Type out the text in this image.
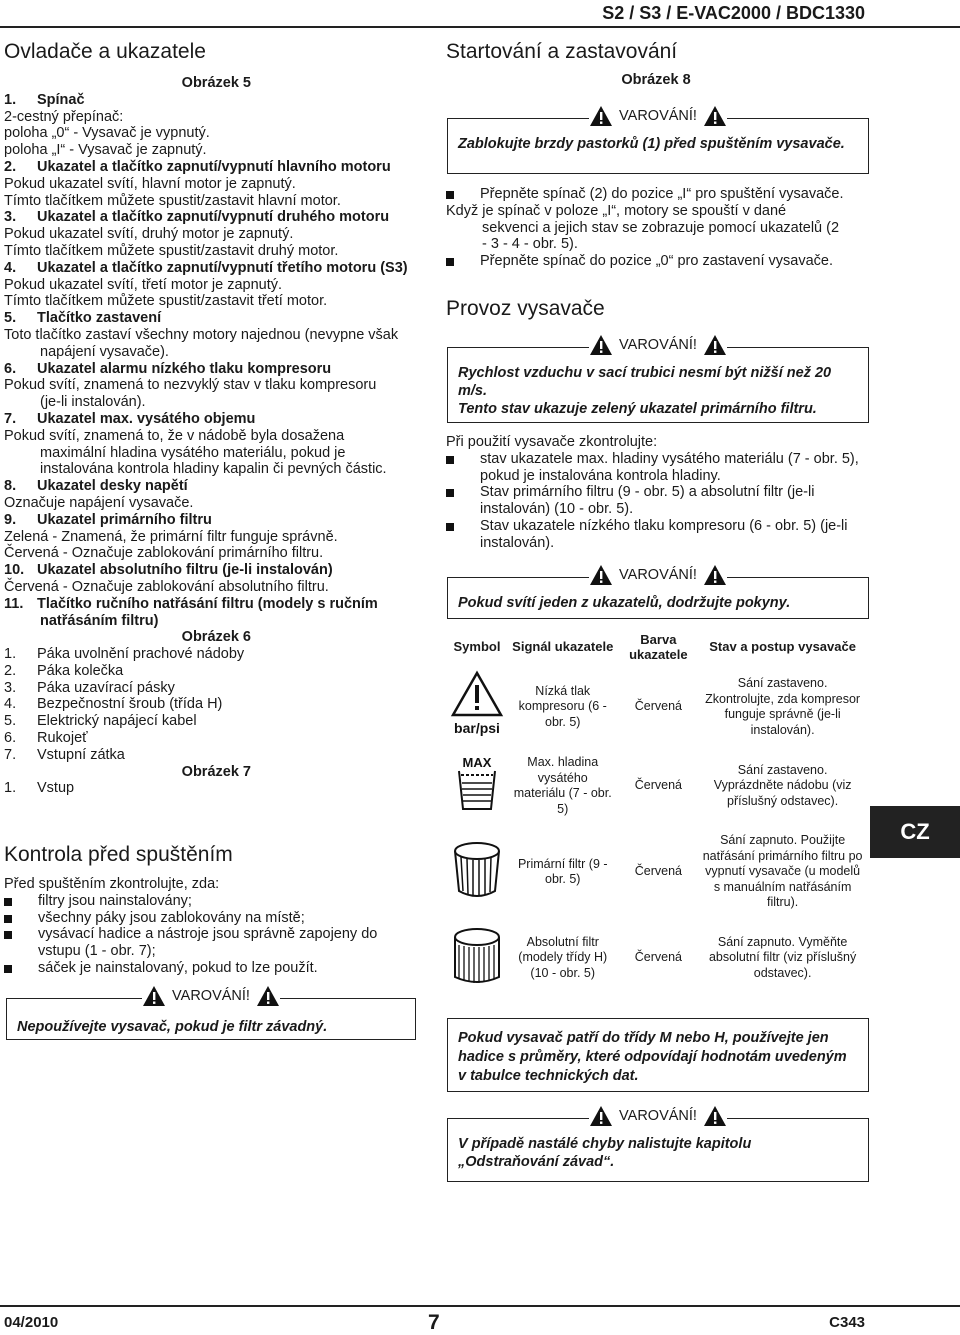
S2 / S3 / E-VAC2000 / BDC1330
Ovladače a ukazatele

Obrázek 5

1. Spínač

2-cestný přepínač:

poloha „0“ - Vysavač je vypnutý.

poloha „I“ - Vysavač je zapnutý.

2. Ukazatel a tlačítko zapnutí/vypnutí hlavního motoru

Pokud ukazatel svítí, hlavní motor je zapnutý.

Tímto tlačítkem můžete spustit/zastavit hlavní motor.

3. Ukazatel a tlačítko zapnutí/vypnutí druhého motoru

Pokud ukazatel svítí, druhý motor je zapnutý.

Tímto tlačítkem můžete spustit/zastavit druhý motor.

4. Ukazatel a tlačítko zapnutí/vypnutí třetího motoru (S3)

Pokud ukazatel svítí, třetí motor je zapnutý.

Tímto tlačítkem můžete spustit/zastavit třetí motor.

5. Tlačítko zastavení

Toto tlačítko zastaví všechny motory najednou (nevypne však

napájení vysavače).

6. Ukazatel alarmu nízkého tlaku kompresoru

Pokud svítí, znamená to nezvyklý stav v tlaku kompresoru

(je-li instalován).

7. Ukazatel max. vysátého objemu

Pokud svítí, znamená to, že v nádobě byla dosažena

maximální hladina vysátého materiálu, pokud je

instalována kontrola hladiny kapalin či pevných částic.

8. Ukazatel desky napětí

Označuje napájení vysavače.

9. Ukazatel primárního filtru

Zelená - Znamená, že primární filtr funguje správně.

Červená - Označuje zablokování primárního filtru.

10. Ukazatel absolutního filtru (je-li instalován)

Červená - Označuje zablokování absolutního filtru.

11. Tlačítko ručního natřásání filtru (modely s ručním

natřásáním filtru)

Obrázek 6

1. Páka uvolnění prachové nádoby

2. Páka kolečka

3. Páka uzavírací pásky

4. Bezpečnostní šroub (třída H)

5. Elektrický napájecí kabel

6. Rukojeť

7. Vstupní zátka

Obrázek 7

1. Vstup

Kontrola před spuštěním

Před spuštěním zkontrolujte, zda:

filtry jsou nainstalovány;

všechny páky jsou zablokovány na místě;

vysávací hadice a nástroje jsou správně zapojeny do vstupu (1 - obr. 7);

sáček je nainstalovaný, pokud to lze použít.

VAROVÁNÍ!
Nepoužívejte vysavač, pokud je filtr závadný.
Startování a zastavování
Obrázek 8
VAROVÁNÍ!
Zablokujte brzdy pastorků (1) před spuštěním vysavače.

Přepněte spínač (2) do pozice „I“ pro spuštění vysavače.

Když je spínač v poloze „I“, motory se spouští v dané

sekvenci a jejich stav se zobrazuje pomocí ukazatelů (2

- 3 - 4 - obr. 5).

Přepněte spínač do pozice „0“ pro zastavení vysavače.

Provoz vysavače
VAROVÁNÍ!
Rychlost vzduchu v sací trubici nesmí být nižší než 20 m/s.
Tento stav ukazuje zelený ukazatel primárního filtru.

Při použití vysavače zkontrolujte:

stav ukazatele max. hladiny vysátého materiálu (7 - obr. 5), pokud je instalována kontrola hladiny.

Stav primárního filtru (9 - obr. 5) a absolutní filtr (je-li instalován) (10 - obr. 5).

Stav ukazatele nízkého tlaku kompresoru (6 - obr. 5) (je-li instalován).

VAROVÁNÍ!
Pokud svítí jeden z ukazatelů, dodržujte pokyny.
Symbol	Signál ukazatele	Barva ukazatele	Stav a postup vysavače

bar/psi	Nízká tlak kompresoru (6 - obr. 5)	Červená	Sání zastaveno. Zkontrolujte, zda kompresor funguje správně (je-li instalován).

MAX	Max. hladina vysátého materiálu (7 - obr. 5)	Červená	Sání zastaveno. Vyprázdněte nádobu (viz příslušný odstavec).
	Primární filtr (9 - obr. 5)	Červená	Sání zapnuto. Použijte natřásání primárního filtru po vypnutí vysavače (u modelů s manuálním natřásáním filtru).
	Absolutní filtr (modely třídy H) (10 - obr. 5)	Červená	Sání zapnuto. Vyměňte absolutní filtr (viz příslušný odstavec).
Pokud vysavač patří do třídy M nebo H, používejte jen hadice s průměry, které odpovídají hodnotám uvedeným v tabulce technických dat.
VAROVÁNÍ!
V případě nastálé chyby nalistujte kapitolu
„Odstraňování závad“.
CZ
04/2010	7	C343
